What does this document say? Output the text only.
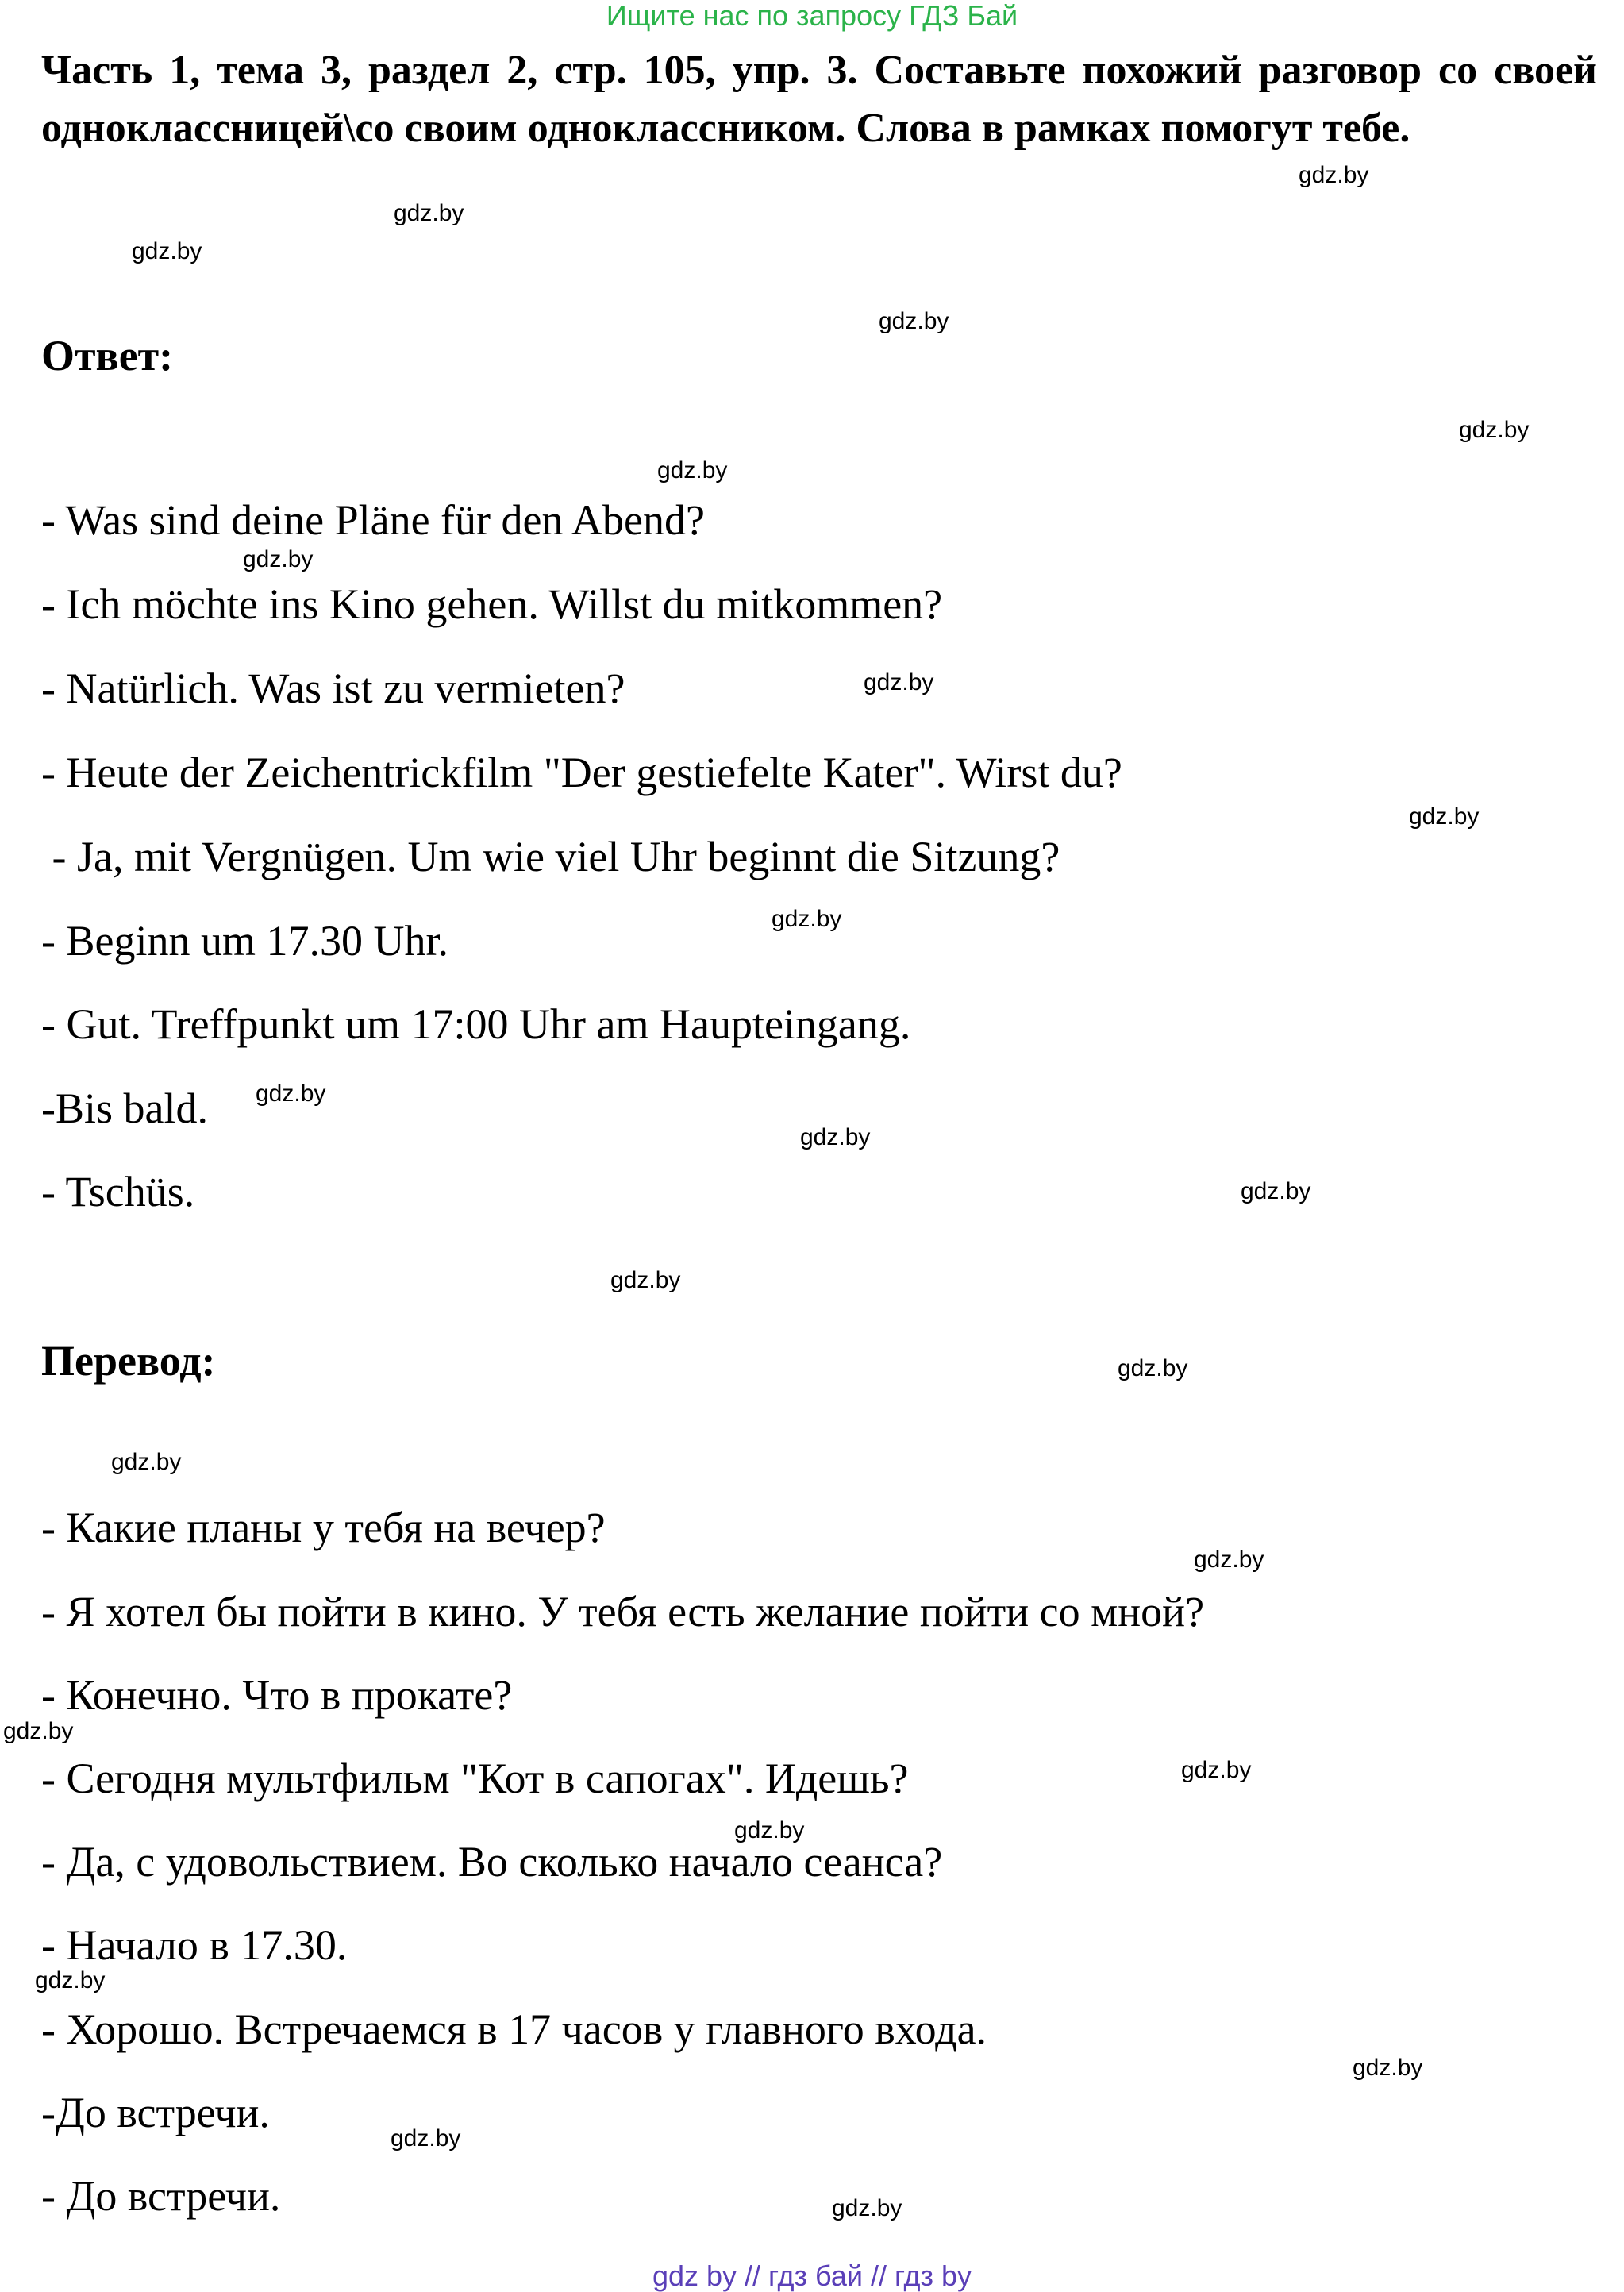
Ищите нас по запросу ГДЗ Бай

Часть 1, тема 3, раздел 2, стр. 105, упр. 3. Составьте похожий разговор со своей одноклассницей\со своим одноклассником. Слова в рамках помогут тебе.

Ответ:

- Was sind deine Pläne für den Abend?

- Ich möchte ins Kino gehen. Willst du mitkommen?

- Natürlich. Was ist zu vermieten?

- Heute der Zeichentrickfilm "Der gestiefelte Kater". Wirst du?

- Ja, mit Vergnügen. Um wie viel Uhr beginnt die Sitzung?

- Beginn um 17.30 Uhr.

- Gut. Treffpunkt um 17:00 Uhr am Haupteingang.

-Bis bald.

- Tschüs.

Перевод:

- Какие планы у тебя на вечер?

- Я хотел бы пойти в кино. У тебя есть желание пойти со мной?

- Конечно. Что в прокате?

- Сегодня мультфильм "Кот в сапогах". Идешь?

- Да, с удовольствием. Во сколько начало сеанса?

- Начало в 17.30.

- Хорошо. Встречаемся в 17 часов у главного входа.

-До встречи.

- До встречи.

gdz.by
gdz.by
gdz.by
gdz.by
gdz.by
gdz.by
gdz.by
gdz.by
gdz.by
gdz.by
gdz.by
gdz.by
gdz.by
gdz.by
gdz.by
gdz.by
gdz.by
gdz.by
gdz.by
gdz.by
gdz.by
gdz.by
gdz.by
gdz.by
gdz by // гдз бай // гдз by
